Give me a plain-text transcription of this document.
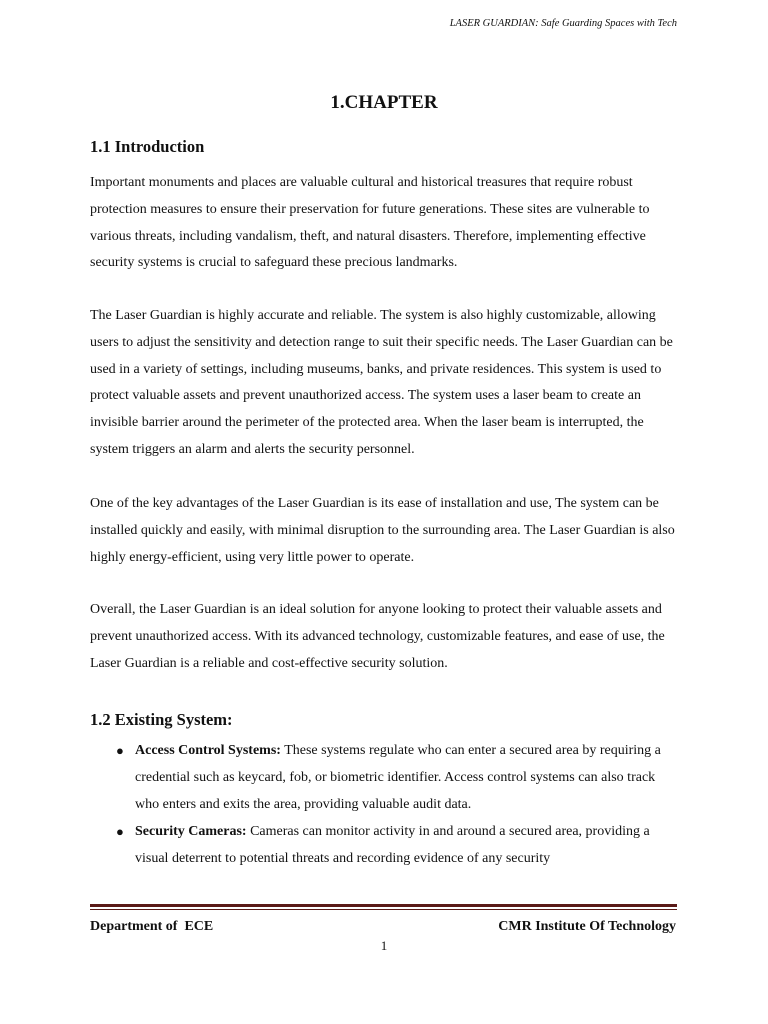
LASER GUARDIAN: Safe Guarding Spaces with Tech
1.CHAPTER
1.1 Introduction

Important monuments and places are valuable cultural and historical treasures that require robust protection measures to ensure their preservation for future generations. These sites are vulnerable to various threats, including vandalism, theft, and natural disasters. Therefore, implementing effective security systems is crucial to safeguard these precious landmarks.

The Laser Guardian is highly accurate and reliable. The system is also highly customizable, allowing users to adjust the sensitivity and detection range to suit their specific needs. The Laser Guardian can be used in a variety of settings, including museums, banks, and private residences. This system is used to protect valuable assets and prevent unauthorized access. The system uses a laser beam to create an invisible barrier around the perimeter of the protected area. When the laser beam is interrupted, the system triggers an alarm and alerts the security personnel.

One of the key advantages of the Laser Guardian is its ease of installation and use, The system can be installed quickly and easily, with minimal disruption to the surrounding area. The Laser Guardian is also highly energy-efficient, using very little power to operate.

Overall, the Laser Guardian is an ideal solution for anyone looking to protect their valuable assets and prevent unauthorized access. With its advanced technology, customizable features, and ease of use, the Laser Guardian is a reliable and cost-effective security solution.

1.2 Existing System:
● Access Control Systems: These systems regulate who can enter a secured area by requiring a credential such as keycard, fob, or biometric identifier. Access control systems can also track who enters and exits the area, providing valuable audit data.
● Security Cameras: Cameras can monitor activity in and around a secured area, providing a visual deterrent to potential threats and recording evidence of any security
Department of  ECE	CMR Institute Of Technology
1
